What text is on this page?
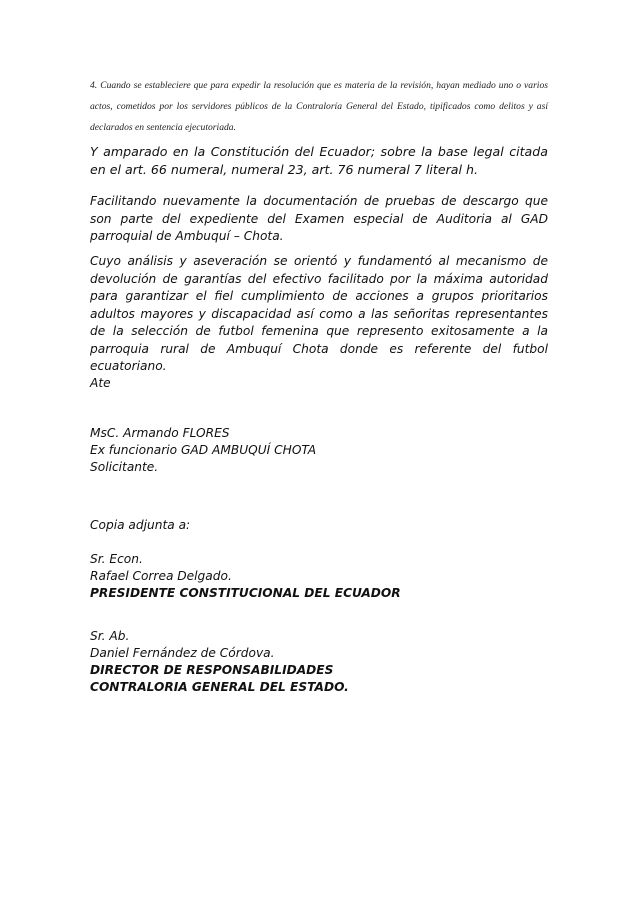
4. Cuando se estableciere que para expedir la resolución que es materia de la revisión, hayan mediado uno o varios actos, cometidos por los servidores públicos de la Contraloría General del Estado, tipificados como delitos y así declarados en sentencia ejecutoriada.

Y amparado en la Constitución del Ecuador; sobre la base legal citada en el art. 66 numeral, numeral 23, art. 76 numeral 7 literal h.

Facilitando nuevamente la documentación de pruebas de descargo que son parte del expediente del Examen especial de Auditoria al GAD parroquial de Ambuquí – Chota.

Cuyo análisis y aseveración se orientó y fundamentó al mecanismo de devolución de garantías del efectivo facilitado por la máxima autoridad para garantizar el fiel cumplimiento de acciones a grupos prioritarios adultos mayores y discapacidad así como a las señoritas representantes de la selección de futbol femenina que represento exitosamente a la parroquia rural de Ambuquí Chota donde es referente del futbol ecuatoriano.

Ate

MsC. Armando FLORES

Ex funcionario GAD AMBUQUÍ CHOTA

Solicitante.

Copia adjunta a:

Sr. Econ.

Rafael Correa Delgado.

PRESIDENTE CONSTITUCIONAL DEL ECUADOR

Sr. Ab.

Daniel Fernández de Córdova.

DIRECTOR DE RESPONSABILIDADES

CONTRALORIA GENERAL DEL ESTADO.
